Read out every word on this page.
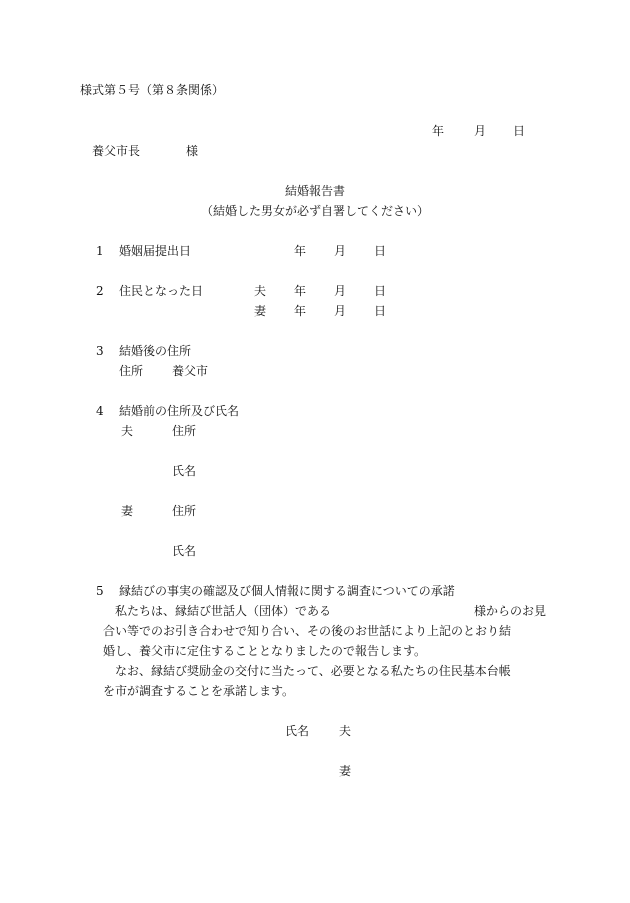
様式第５号（第８条関係）

年 月 日

養父市長	様

結婚報告書

（結婚した男女が必ず自署してください）

1 婚姻届提出日	年 月 日

2 住民となった日	夫 年 月 日

妻 年 月 日

3 結婚後の住所

住所 養父市

4 結婚前の住所及び氏名

夫	住所

氏名

妻	住所

氏名

5 縁結びの事実の確認及び個人情報に関する調査についての承諾

私たちは、縁結び世話人（団体）である	様からのお見

合い等でのお引き合わせで知り合い、その後のお世話により上記のとおり結

婚し、養父市に定住することとなりましたので報告します。

なお、縁結び奨励金の交付に当たって、必要となる私たちの住民基本台帳

を市が調査することを承諾します。

氏名 夫

妻
